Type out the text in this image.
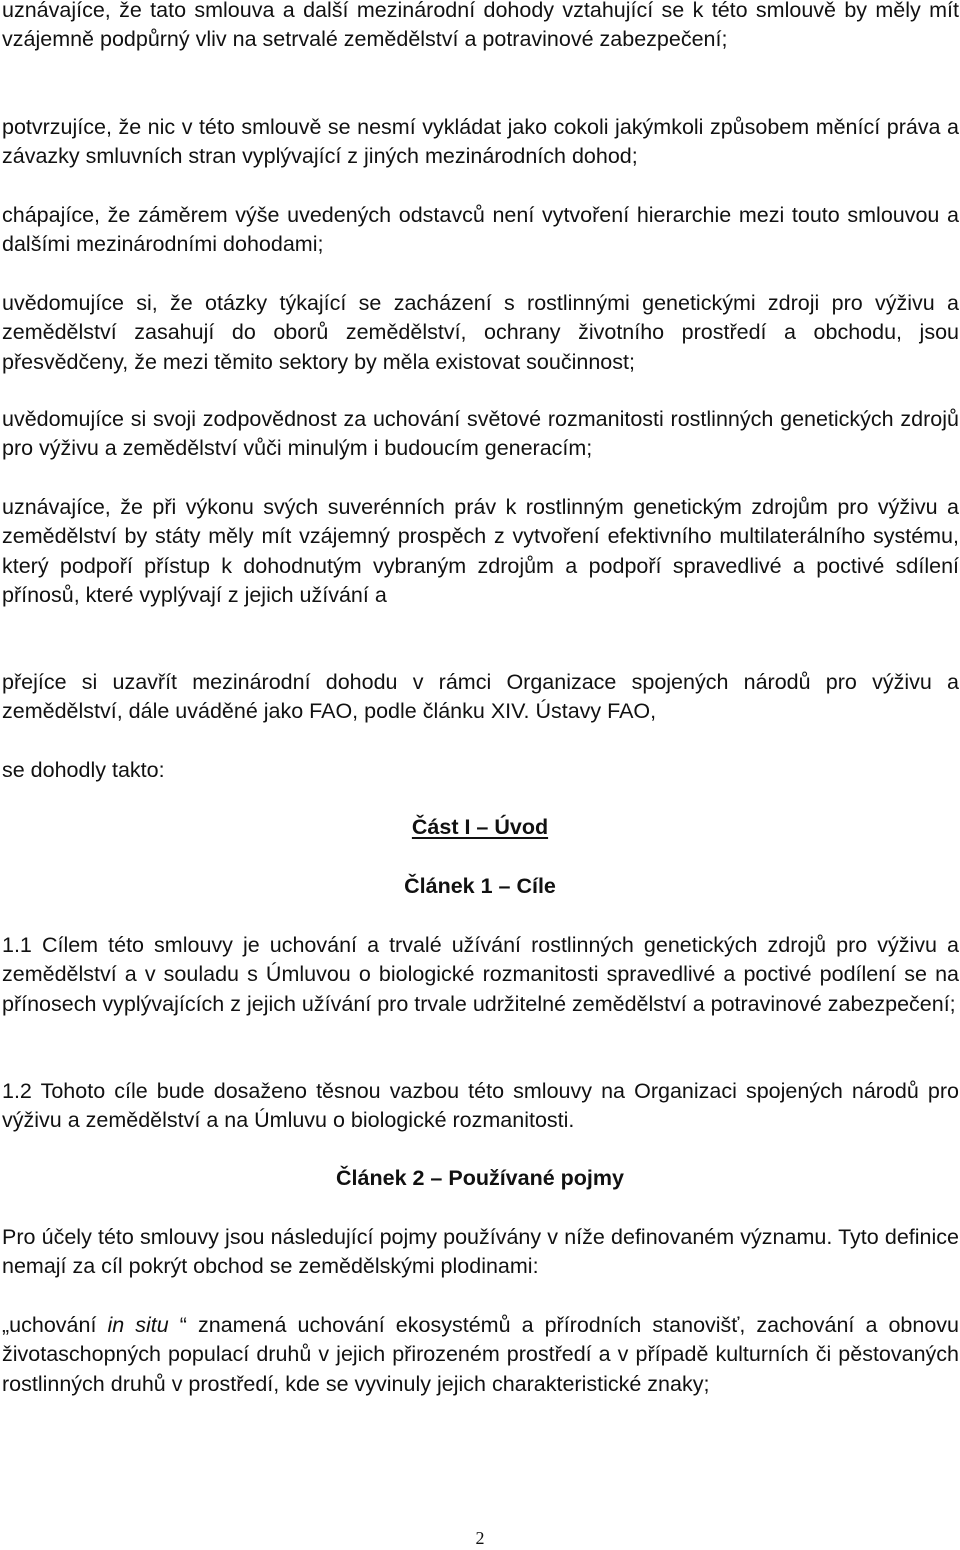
uznávajíce, že tato smlouva a další mezinárodní dohody vztahující se k této smlouvě by měly mít vzájemně podpůrný vliv na setrvalé zemědělství a potravinové zabezpečení;

potvrzujíce, že nic v této smlouvě se nesmí vykládat jako cokoli jakýmkoli způsobem měnící práva a závazky smluvních stran vyplývající z jiných mezinárodních dohod;

chápajíce, že záměrem výše uvedených odstavců není vytvoření hierarchie mezi touto smlouvou a dalšími mezinárodními dohodami;

uvědomujíce si, že otázky týkající se zacházení s rostlinnými genetickými zdroji pro výživu a zemědělství zasahují do oborů zemědělství, ochrany životního prostředí a obchodu, jsou přesvědčeny, že mezi těmito sektory by měla existovat součinnost;

uvědomujíce si svoji zodpovědnost za uchování světové rozmanitosti rostlinných genetických zdrojů pro výživu a zemědělství vůči minulým i budoucím generacím;

uznávajíce, že při výkonu svých suverénních práv k rostlinným genetickým zdrojům pro výživu a zemědělství by státy měly mít vzájemný prospěch z vytvoření efektivního multilaterálního systému, který podpoří přístup k dohodnutým vybraným zdrojům a podpoří spravedlivé a poctivé sdílení přínosů, které vyplývají z jejich užívání a

přejíce si uzavřít mezinárodní dohodu v rámci Organizace spojených národů pro výživu a zemědělství, dále uváděné jako FAO, podle článku XIV. Ústavy FAO,

se dohodly takto:

Část I – Úvod

Článek 1 – Cíle

1.1 Cílem této smlouvy je uchování a trvalé užívání rostlinných genetických zdrojů pro výživu a zemědělství a v souladu s Úmluvou o biologické rozmanitosti spravedlivé a poctivé podílení se na přínosech vyplývajících z jejich užívání pro trvale udržitelné zemědělství a potravinové zabezpečení;

1.2 Tohoto cíle bude dosaženo těsnou vazbou této smlouvy na Organizaci spojených národů pro výživu a zemědělství a na Úmluvu o biologické rozmanitosti.

Článek 2 – Používané pojmy

Pro účely této smlouvy jsou následující pojmy používány v níže definovaném významu. Tyto definice nemají za cíl pokrýt obchod se zemědělskými plodinami:

„uchování in situ “ znamená uchování ekosystémů a přírodních stanovišť, zachování a obnovu životaschopných populací druhů v jejich přirozeném prostředí a v případě kulturních či pěstovaných rostlinných druhů v prostředí, kde se vyvinuly jejich charakteristické znaky;

2
